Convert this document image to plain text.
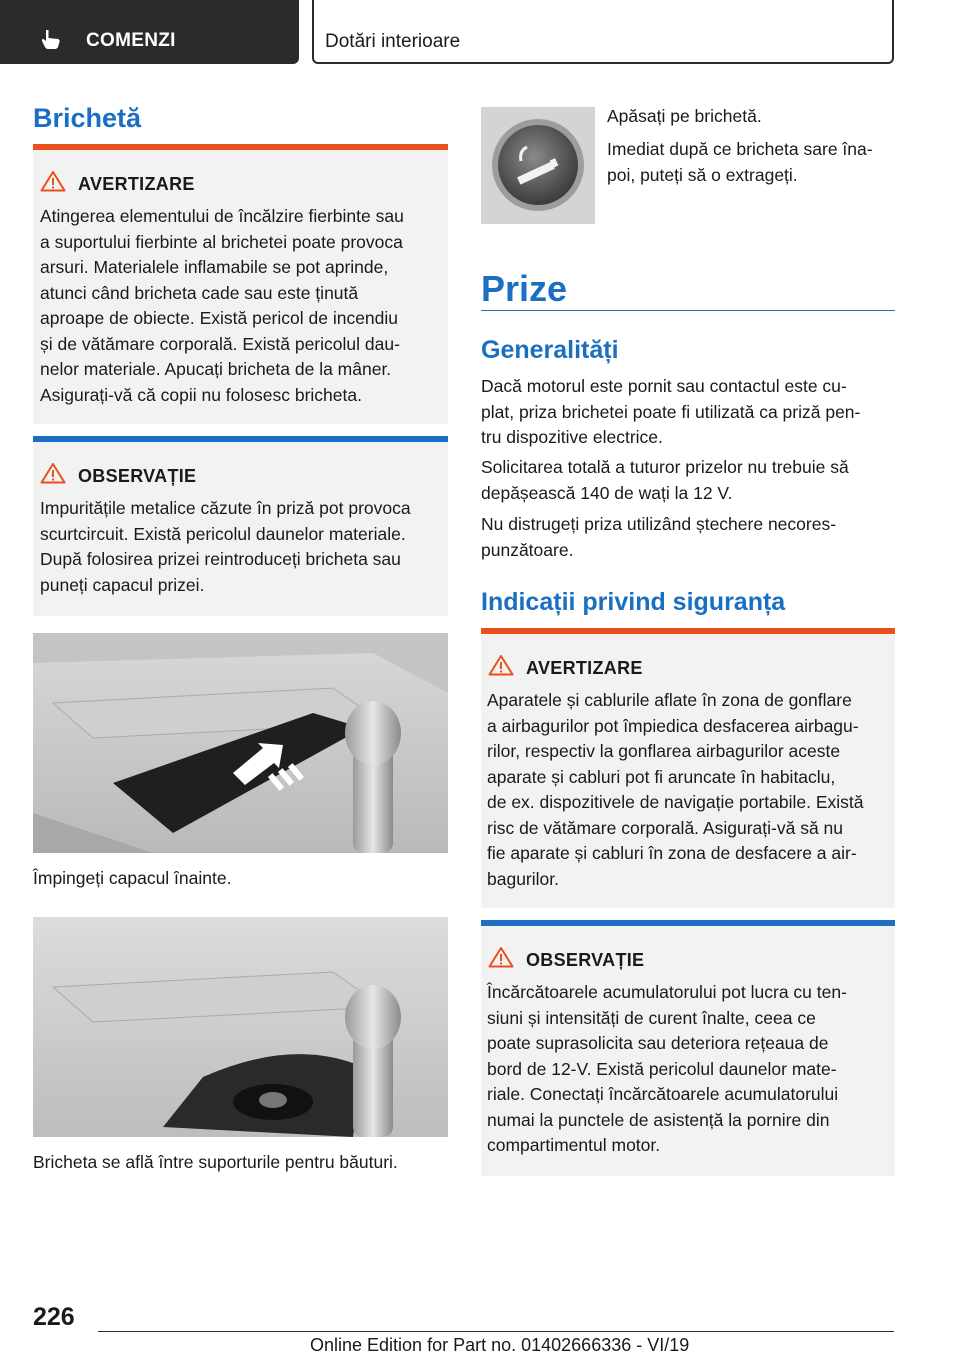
COMENZI	Dotări interioare
Brichetă
AVERTIZARE
Atingerea elementului de încălzire fierbinte sau
a suportului fierbinte al brichetei poate provoca
arsuri. Materialele inflamabile se pot aprinde,
atunci când bricheta cade sau este ținută
aproape de obiecte. Există pericol de incendiu
și de vătămare corporală. Există pericolul dau-
nelor materiale. Apucați bricheta de la mâner.
Asigurați-vă că copii nu folosesc bricheta.
OBSERVAȚIE
Impuritățile metalice căzute în priză pot provoca
scurtcircuit. Există pericolul daunelor materiale.
După folosirea prizei reintroduceți bricheta sau
puneți capacul prizei.
Împingeți capacul înainte.
Bricheta se află între suporturile pentru băuturi.
Apăsați pe brichetă.
Imediat după ce bricheta sare îna-
poi, puteți să o extrageți.
Prize
Generalități
Dacă motorul este pornit sau contactul este cu-
plat, priza brichetei poate fi utilizată ca priză pen-
tru dispozitive electrice.
Solicitarea totală a tuturor prizelor nu trebuie să
depășească 140 de wați la 12 V.
Nu distrugeți priza utilizând ștechere necores-
punzătoare.
Indicații privind siguranța
AVERTIZARE
Aparatele și cablurile aflate în zona de gonflare
a airbagurilor pot împiedica desfacerea airbagu-
rilor, respectiv la gonflarea airbagurilor aceste
aparate și cabluri pot fi aruncate în habitaclu,
de ex. dispozitivele de navigație portabile. Există
risc de vătămare corporală. Asigurați-vă să nu
fie aparate și cabluri în zona de desfacere a air-
bagurilor.
OBSERVAȚIE
Încărcătoarele acumulatorului pot lucra cu ten-
siuni și intensități de curent înalte, ceea ce
poate suprasolicita sau deteriora rețeaua de
bord de 12-V. Există pericolul daunelor mate-
riale. Conectați încărcătoarele acumulatorului
numai la punctele de asistență la pornire din
compartimentul motor.
226
Online Edition for Part no. 01402666336 - VI/19
